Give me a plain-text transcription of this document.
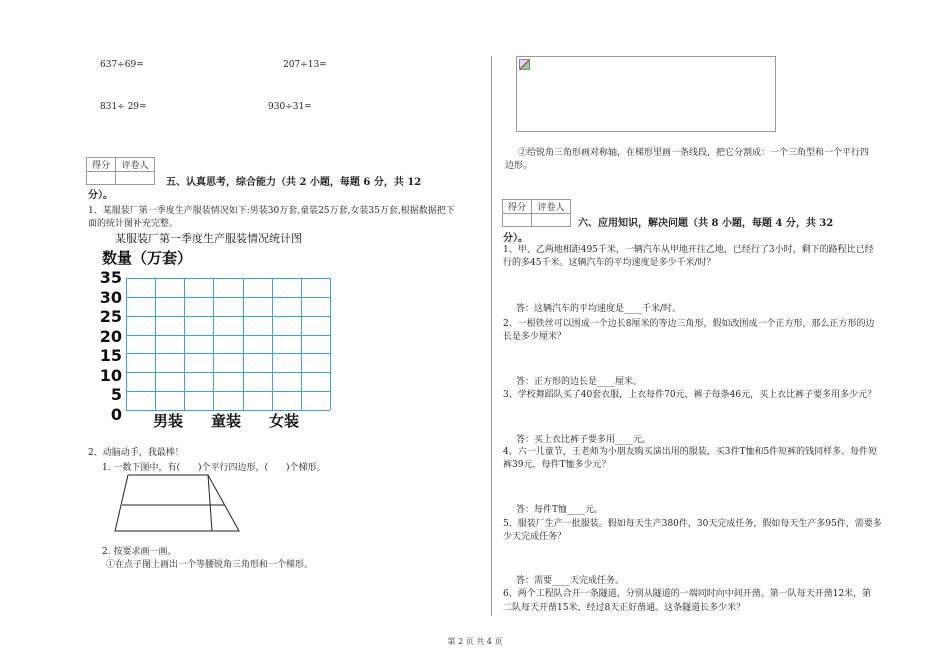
637÷69=	207÷13=
831÷ 29=	930÷31=
得分	评卷人

五、认真思考，综合能力（共 2 小题，每题 6 分，共 12
分）。
1、某服装厂第一季度生产服装情况如下:男装30万套,童装25万套,女装35万套,根据数据把下
面的统计图补充完整。
某服装厂第一季度生产服装情况统计图
数量（万套）
35
30
25
20
15
10
5
0 男装 童装 女装
2、动脑动手，我最棒！
1. 一数下图中，有(　　)个平行四边形，(　　)个梯形。
2. 按要求画一画。
①在点子图上画出一个等腰锐角三角形和一个梯形。
②给锐角三角形画对称轴，在梯形里画一条线段，把它分割成：一个三角型和一个平行四
边形。
得分	评卷人

六、应用知识，解决问题（共 8 小题，每题 4 分，共 32
分）。
1、甲、乙两地相距495千米，一辆汽车从甲地开往乙地，已经行了3小时，剩下的路程比已经
行的多45千米。这辆汽车的平均速度是多少千米/时？
答：这辆汽车的平均速度是____千米/时。
2、一根铁丝可以围成一个边长8厘米的等边三角形，假如改围成一个正方形，那么正方形的边
长是多少厘米？
答：正方形的边长是____厘米。
3、学校舞蹈队买了40套衣服，上衣每件70元，裤子每条46元，买上衣比裤子要多用多少元？
答：买上衣比裤子要多用____元。
4、六一儿童节，王老师为小朋友购买演出用的服装，买3件T恤和5件短裤的钱同样多。每件短
裤39元，每件T恤多少元？
答：每件T恤____元。
5、服装厂生产一批服装。假如每天生产380件，30天完成任务，假如每天生产多95件，需要多
少天完成任务？
答：需要____天完成任务。
6、两个工程队合开一条隧道，分别从隧道的一端同时向中间开凿。第一队每天开凿12米，第
二队每天开凿15米，经过8天正好凿通。这条隧道长多少米？
第 2 页 共 4 页
